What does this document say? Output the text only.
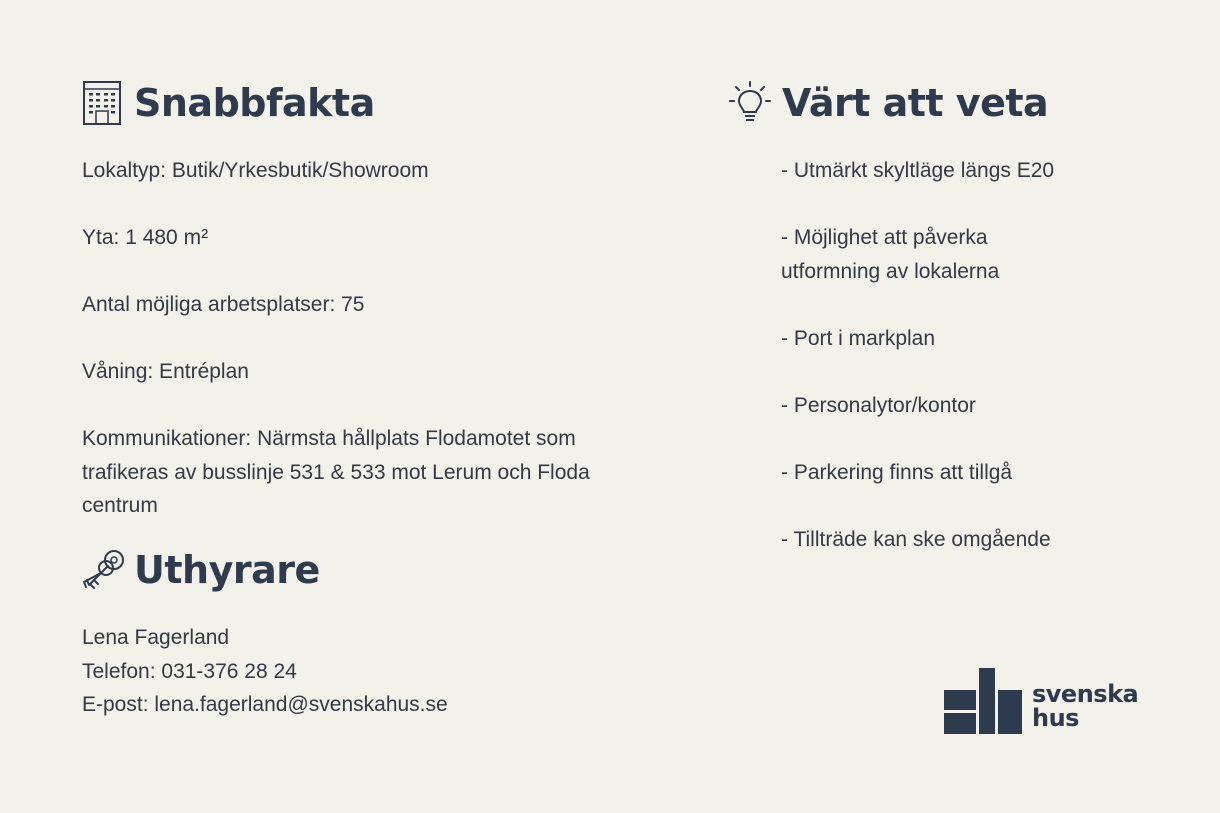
Snabbfakta

Lokaltyp: Butik/Yrkesbutik/Showroom

Yta: 1 480 m²

Antal möjliga arbetsplatser: 75

Våning: Entréplan

Kommunikationer: Närmsta hållplats Flodamotet som
trafikeras av busslinje 531 & 533 mot Lerum och Floda
centrum

Uthyrare
Lena Fagerland
Telefon: 031-376 28 24
E-post: lena.fagerland@svenskahus.se
Värt att veta

- Utmärkt skyltläge längs E20

- Möjlighet att påverka
utformning av lokalerna

- Port i markplan

- Personalytor/kontor

- Parkering finns att tillgå

- Tillträde kan ske omgående

svenska
hus
